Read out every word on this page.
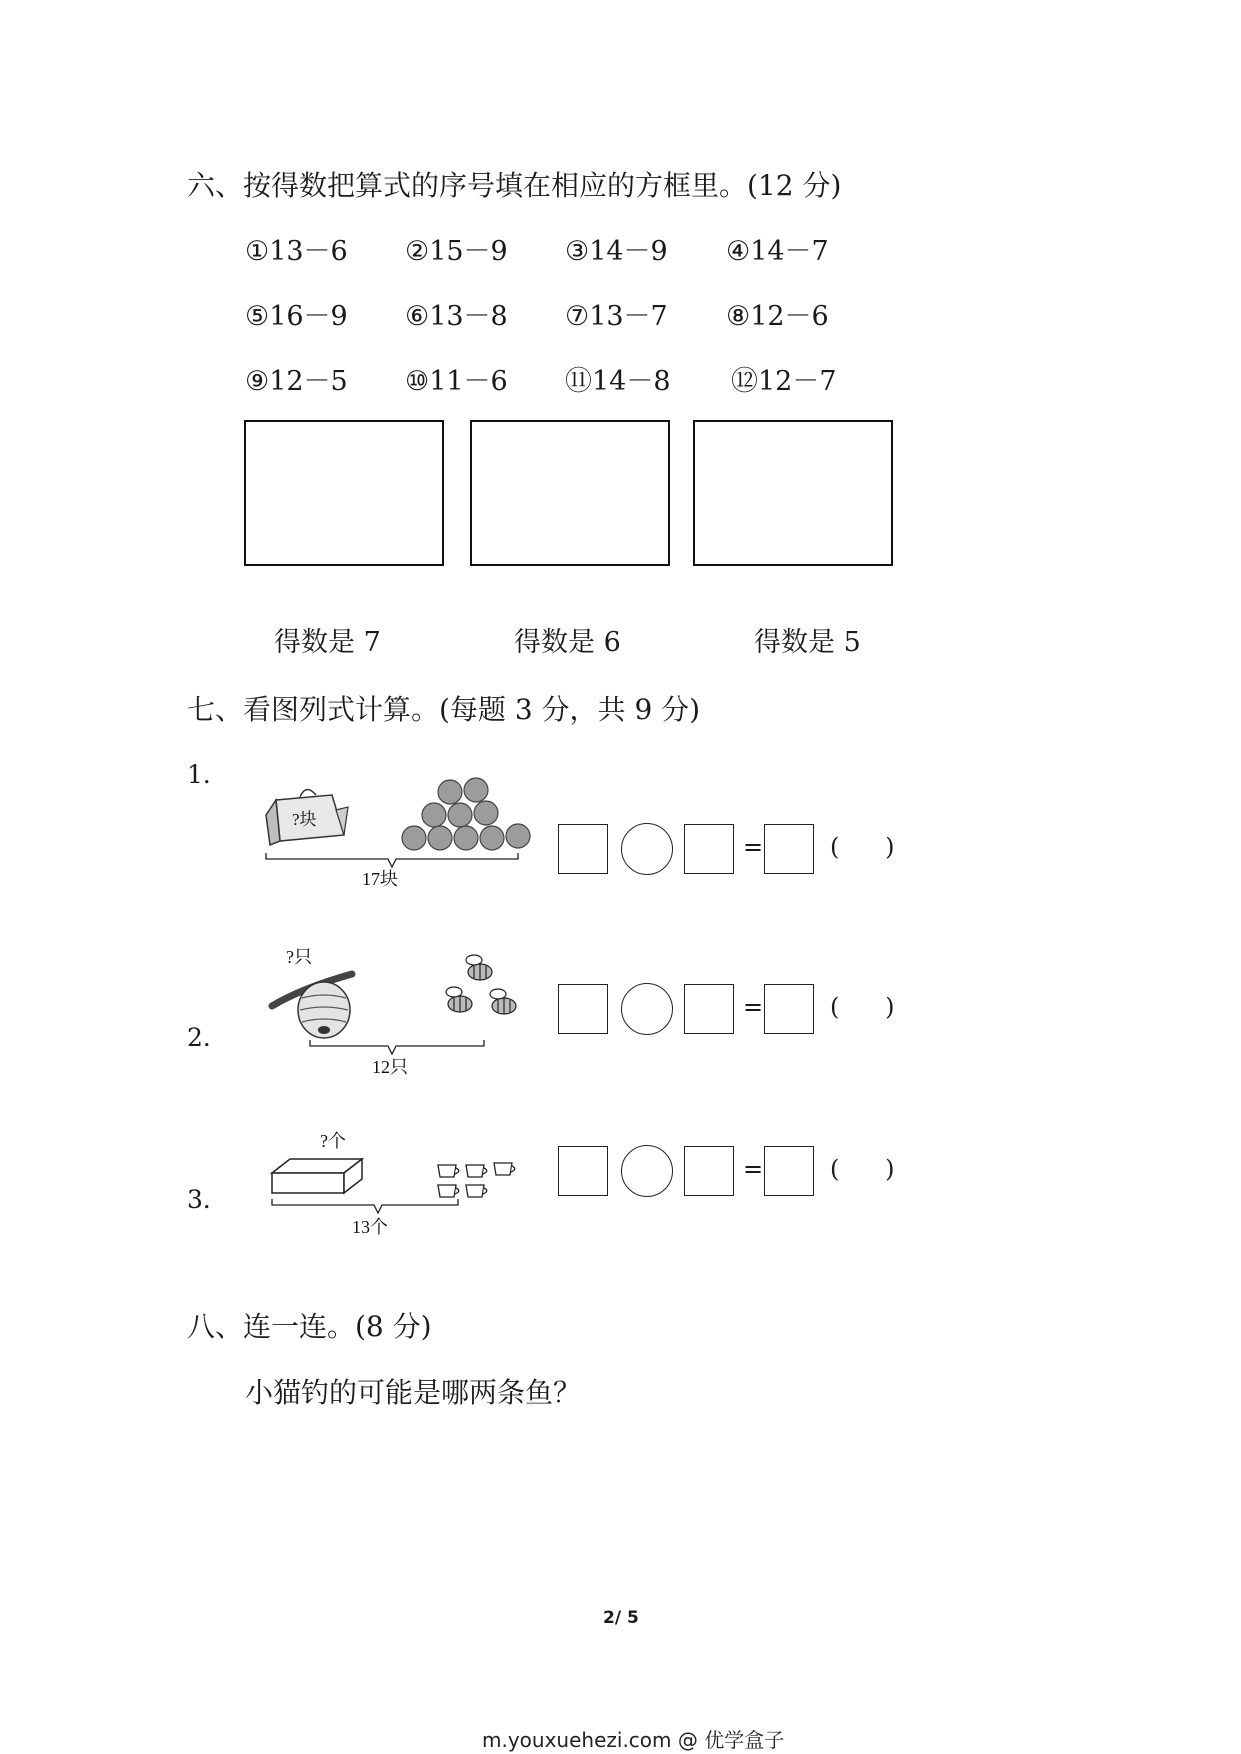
六、按得数把算式的序号填在相应的方框里。(12 分)
①13－6 ②15－9 ③14－9 ④14－7
⑤16－9 ⑥13－8 ⑦13－7 ⑧12－6
⑨12－5 ⑩11－6 ⑪14－8 ⑫12－7
得数是 7	得数是 6	得数是 5
七、看图列式计算。(每题 3 分，共 9 分)
1．
?块
17块
=	(      )
2．
?只
12只
=	(      )
3．
?个
13个
=	(      )
八、连一连。(8 分)
小猫钓的可能是哪两条鱼？
2/ 5
m.youxuehezi.com @ 优学盒子
